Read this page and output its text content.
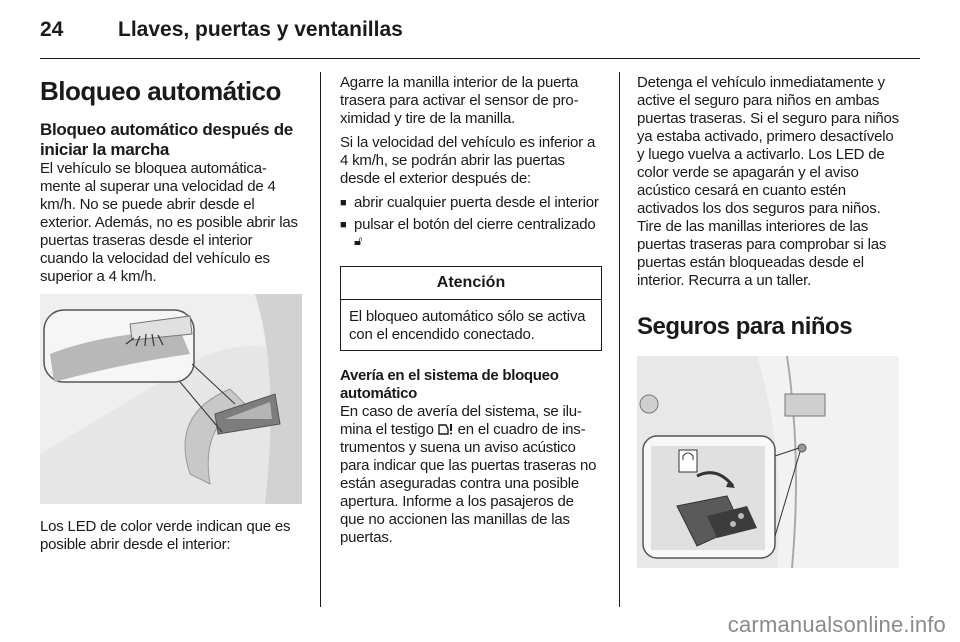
24	Llaves, puertas y ventanillas
Bloqueo automático
Bloqueo automático después de iniciar la marcha

El vehículo se bloquea automáticamente al superar una velocidad de 4 km/h. No se puede abrir desde el exterior. Además, no es posible abrir las puertas traseras desde el interior cuando la velocidad del vehículo es superior a 4 km/h.

Los LED de color verde indican que es posible abrir desde el interior:

Agarre la manilla interior de la puerta trasera para activar el sensor de proximidad y tire de la manilla.

Si la velocidad del vehículo es inferior a 4 km/h, se podrán abrir las puertas desde el exterior después de:

■ abrir cualquier puerta desde el interior
■ pulsar el botón del cierre centralizado 🔓︎
Atención

El bloqueo automático sólo se activa con el encendido conectado.

Avería en el sistema de bloqueo automático

En caso de avería del sistema, se ilumina el testigo en el cuadro de instrumentos y suena un aviso acústico para indicar que las puertas traseras no están aseguradas contra una posible apertura. Informe a los pasajeros de que no accionen las manillas de las puertas.

Detenga el vehículo inmediatamente y active el seguro para niños en ambas puertas traseras. Si el seguro para niños ya estaba activado, primero desactívelo y luego vuelva a activarlo. Los LED de color verde se apagarán y el aviso acústico cesará en cuanto estén activados los dos seguros para niños. Tire de las manillas interiores de las puertas traseras para comprobar si las puertas están bloqueadas desde el interior. Recurra a un taller.

Seguros para niños
carmanualsonline.info
